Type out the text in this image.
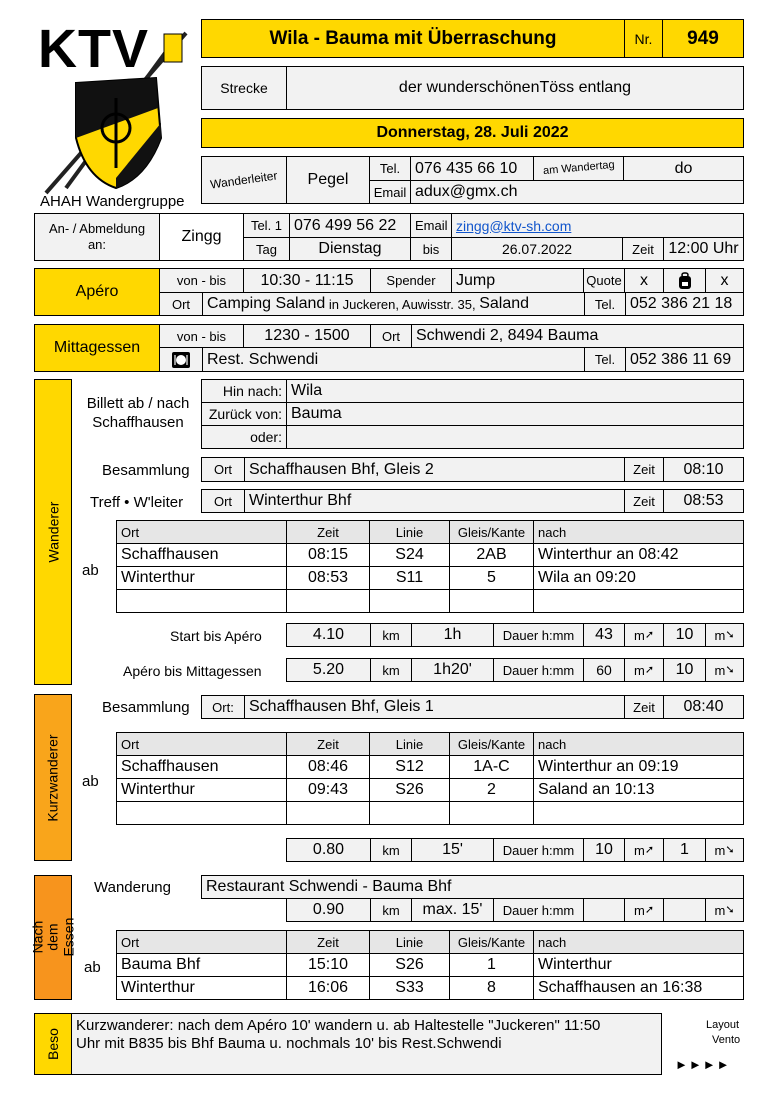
KTV
AHAH Wandergruppe
Wila - Bauma mit Überraschung	Nr.	949
Strecke	der wunderschönenTöss entlang
Donnerstag, 28. Juli 2022
Wanderleiter	Pegel
Tel. 076 435 66 10	am Wandertag	do
Email adux@gmx.ch
An- / Abmeldung an:	Zingg
Tel. 1 076 499 56 22	Email zingg@ktv-sh.com
Tag	Dienstag	bis	26.07.2022	Zeit 12:00 Uhr
Apéro
von - bis	10:30 - 11:15	Spender	Jump	Quote	x	x
Ort	Camping Saland in Juckeren, Auwisstr. 35, Saland	Tel. 052 386 21 18
Mittagessen
von - bis	1230 - 1500	Ort Schwendi 2, 8494 Bauma
Rest. Schwendi	Tel. 052 386 11 69
Wanderer
Billett ab / nach Schaffhausen
Hin nach: Wila
Zurück von: Bauma
oder:
Besammlung	Ort	Schaffhausen Bhf, Gleis 2	Zeit	08:10
Treff • W'leiter	Ort	Winterthur Bhf	Zeit	08:53
ab
Ort	Zeit	Linie	Gleis/Kante nach
Schaffhausen	08:15	S24	2AB	Winterthur an 08:42
Winterthur	08:53	S11	5	Wila an 09:20
Start bis Apéro	4.10	km	1h	Dauer h:mm	43	m ➚	10	m ➘
Apéro bis Mittagessen	5.20	km	1h20'	Dauer h:mm	60	m ➚	10	m ➘
Kurzwanderer
Besammlung	Ort: Schaffhausen Bhf, Gleis 1	Zeit	08:40
ab
Ort	Zeit	Linie	Gleis/Kante nach
Schaffhausen	08:46	S12	1A-C	Winterthur an 09:19
Winterthur	09:43	S26	2	Saland an 10:13
0.80	km	15'	Dauer h:mm	10	m ➚	1	m ➘
Nach dem Essen
Wanderung	Restaurant Schwendi - Bauma Bhf
0.90	km	max. 15'	Dauer h:mm	m ➚	m ➘
ab
Ort	Zeit	Linie	Gleis/Kante nach
Bauma Bhf	15:10	S26	1	Winterthur
Winterthur	16:06	S33	8	Schaffhausen an 16:38
Beso
Kurzwanderer: nach dem Apéro 10' wandern u. ab Haltestelle "Juckeren" 11:50
Uhr mit B835 bis Bhf Bauma u. nochmals 10' bis Rest.Schwendi
Layout
Vento
►►►►
